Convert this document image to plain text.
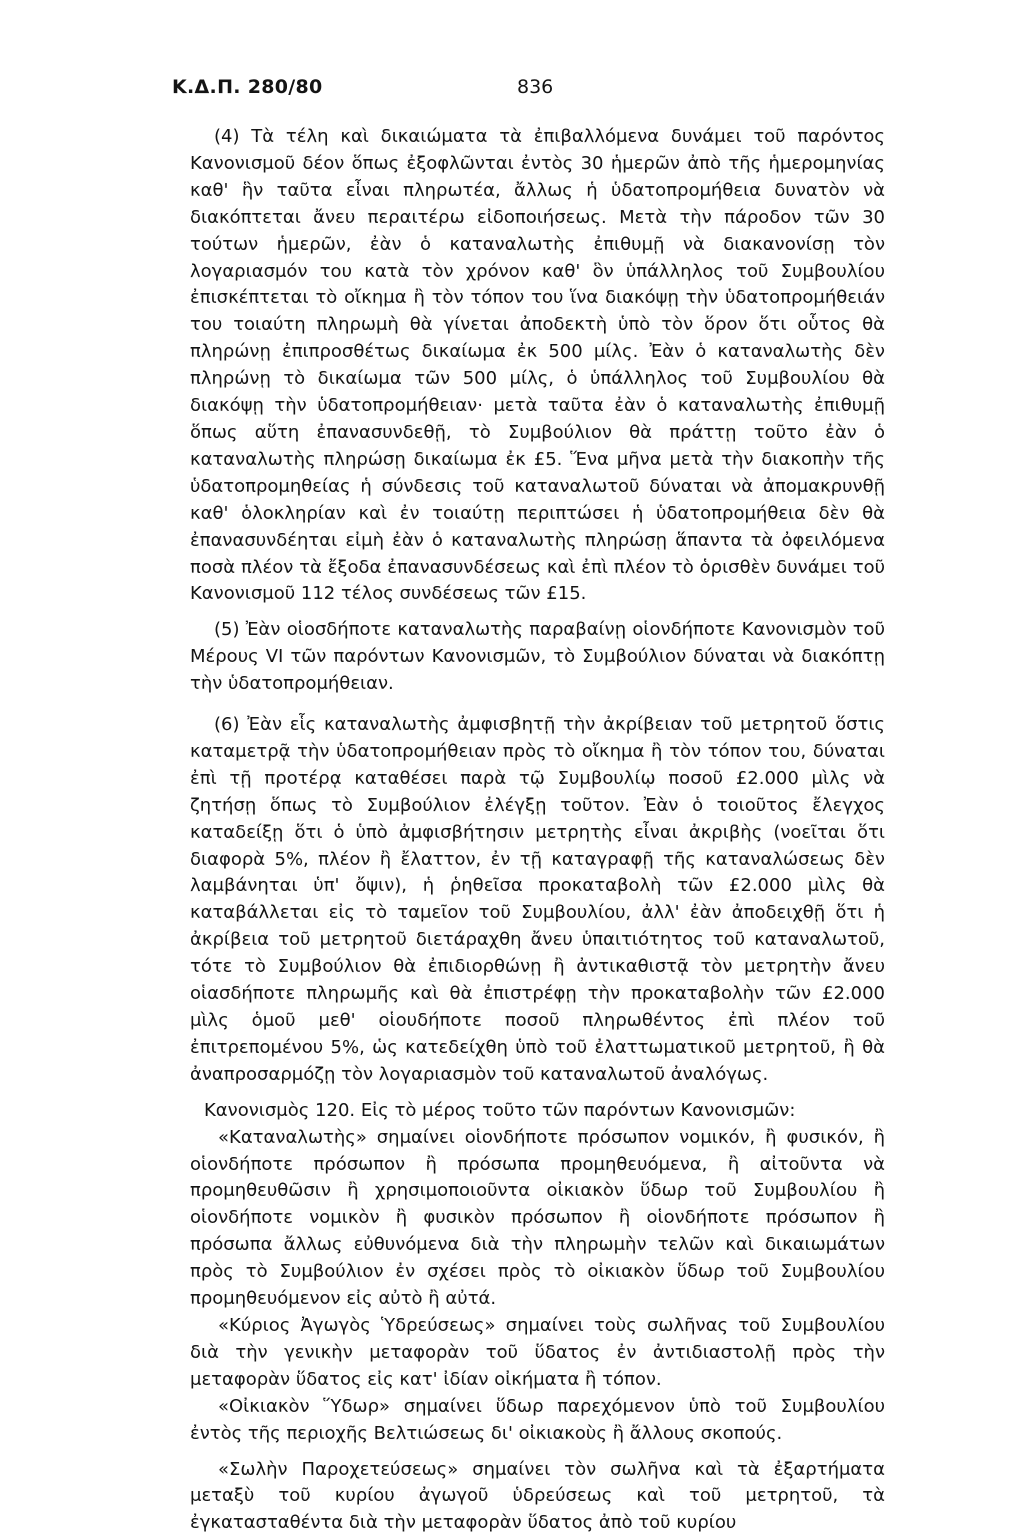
Κ.Δ.Π. 280/80	836

(4) Τὰ τέλη καὶ δικαιώματα τὰ ἐπιβαλλόμενα δυνάμει τοῦ παρόντος Κανονισμοῦ δέον ὅπως ἐξοφλῶνται ἐντὸς 30 ἡμερῶν ἀπὸ τῆς ἡμερομηνίας καθ' ἣν ταῦτα εἶναι πληρωτέα, ἄλλως ἡ ὑδατοπρομήθεια δυνατὸν νὰ διακόπτεται ἄνευ περαιτέρω εἰδοποιήσεως. Μετὰ τὴν πάροδον τῶν 30 τούτων ἡμερῶν, ἐὰν ὁ καταναλωτὴς ἐπιθυμῇ νὰ διακανονίσῃ τὸν λογαριασμόν του κατὰ τὸν χρόνον καθ' ὃν ὑπάλληλος τοῦ Συμβουλίου ἐπισκέπτεται τὸ οἴκημα ἢ τὸν τόπον του ἵνα διακόψῃ τὴν ὑδατοπρομήθειάν του τοιαύτη πληρωμὴ θὰ γίνεται ἀποδεκτὴ ὑπὸ τὸν ὅρον ὅτι οὗτος θὰ πληρώνῃ ἐπιπροσθέτως δικαίωμα ἐκ 500 μίλς. Ἐὰν ὁ καταναλωτὴς δὲν πληρώνῃ τὸ δικαίωμα τῶν 500 μίλς, ὁ ὑπάλληλος τοῦ Συμβουλίου θὰ διακόψῃ τὴν ὑδατοπρομήθειαν· μετὰ ταῦτα ἐὰν ὁ καταναλωτὴς ἐπιθυμῇ ὅπως αὕτη ἐπανασυνδεθῇ, τὸ Συμβούλιον θὰ πράττῃ τοῦτο ἐὰν ὁ καταναλωτὴς πληρώσῃ δικαίωμα ἐκ £5. Ἕνα μῆνα μετὰ τὴν διακοπὴν τῆς ὑδατοπρομηθείας ἡ σύνδεσις τοῦ καταναλωτοῦ δύναται νὰ ἀπομακρυνθῇ καθ' ὁλοκληρίαν καὶ ἐν τοιαύτῃ περιπτώσει ἡ ὑδατοπρομήθεια δὲν θὰ ἐπανασυνδέηται εἰμὴ ἐὰν ὁ καταναλωτὴς πληρώσῃ ἅπαντα τὰ ὀφειλόμενα ποσὰ πλέον τὰ ἔξοδα ἐπανασυνδέσεως καὶ ἐπὶ πλέον τὸ ὁρισθὲν δυνάμει τοῦ Κανονισμοῦ 112 τέλος συνδέσεως τῶν £15.

(5) Ἐὰν οἱοσδήποτε καταναλωτὴς παραβαίνῃ οἱονδήποτε Κανονισμὸν τοῦ Μέρους VI τῶν παρόντων Κανονισμῶν, τὸ Συμβούλιον δύναται νὰ διακόπτῃ τὴν ὑδατοπρομήθειαν.

(6) Ἐὰν εἷς καταναλωτὴς ἀμφισβητῇ τὴν ἀκρίβειαν τοῦ μετρητοῦ ὅστις καταμετρᾷ τὴν ὑδατοπρομήθειαν πρὸς τὸ οἴκημα ἢ τὸν τόπον του, δύναται ἐπὶ τῇ προτέρᾳ καταθέσει παρὰ τῷ Συμβουλίῳ ποσοῦ £2.000 μὶλς νὰ ζητήσῃ ὅπως τὸ Συμβούλιον ἐλέγξῃ τοῦτον. Ἐὰν ὁ τοιοῦτος ἔλεγχος καταδείξῃ ὅτι ὁ ὑπὸ ἀμφισβήτησιν μετρητὴς εἶναι ἀκριβὴς (νοεῖται ὅτι διαφορὰ 5%, πλέον ἢ ἔλαττον, ἐν τῇ καταγραφῇ τῆς καταναλώσεως δὲν λαμβάνηται ὑπ' ὄψιν), ἡ ῥηθεῖσα προκαταβολὴ τῶν £2.000 μὶλς θὰ καταβάλλεται εἰς τὸ ταμεῖον τοῦ Συμβουλίου, ἀλλ' ἐὰν ἀποδειχθῇ ὅτι ἡ ἀκρίβεια τοῦ μετρητοῦ διετάραχθη ἄνευ ὑπαιτιότητος τοῦ καταναλωτοῦ, τότε τὸ Συμβούλιον θὰ ἐπιδιορθώνῃ ἢ ἀντικαθιστᾷ τὸν μετρητὴν ἄνευ οἱασδήποτε πληρωμῆς καὶ θὰ ἐπιστρέφῃ τὴν προκαταβολὴν τῶν £2.000 μὶλς ὁμοῦ μεθ' οἱουδήποτε ποσοῦ πληρωθέντος ἐπὶ πλέον τοῦ ἐπιτρεπομένου 5%, ὡς κατεδείχθη ὑπὸ τοῦ ἐλαττωματικοῦ μετρητοῦ, ἢ θὰ ἀναπροσαρμόζῃ τὸν λογαριασμὸν τοῦ καταναλωτοῦ ἀναλόγως.

Κανονισμὸς 120. Εἰς τὸ μέρος τοῦτο τῶν παρόντων Κανονισμῶν:

«Καταναλωτὴς» σημαίνει οἱονδήποτε πρόσωπον νομικόν, ἢ φυσικόν, ἢ οἱονδήποτε πρόσωπον ἢ πρόσωπα προμηθευόμενα, ἢ αἰτοῦντα νὰ προμηθευθῶσιν ἢ χρησιμοποιοῦντα οἰκιακὸν ὕδωρ τοῦ Συμβουλίου ἢ οἱονδήποτε νομικὸν ἢ φυσικὸν πρόσωπον ἢ οἱονδήποτε πρόσωπον ἢ πρόσωπα ἄλλως εὐθυνόμενα διὰ τὴν πληρωμὴν τελῶν καὶ δικαιωμάτων πρὸς τὸ Συμβούλιον ἐν σχέσει πρὸς τὸ οἰκιακὸν ὕδωρ τοῦ Συμβουλίου προμηθευόμενον εἰς αὐτὸ ἢ αὐτά.

«Κύριος Ἀγωγὸς Ὑδρεύσεως» σημαίνει τοὺς σωλῆνας τοῦ Συμβουλίου διὰ τὴν γενικὴν μεταφορὰν τοῦ ὕδατος ἐν ἀντιδιαστολῇ πρὸς τὴν μεταφορὰν ὕδατος εἰς κατ' ἰδίαν οἰκήματα ἢ τόπον.

«Οἰκιακὸν Ὕδωρ» σημαίνει ὕδωρ παρεχόμενον ὑπὸ τοῦ Συμβουλίου ἐντὸς τῆς περιοχῆς Βελτιώσεως δι' οἰκιακοὺς ἢ ἄλλους σκοπούς.

«Σωλὴν Παροχετεύσεως» σημαίνει τὸν σωλῆνα καὶ τὰ ἐξαρτήματα μεταξὺ τοῦ κυρίου ἀγωγοῦ ὑδρεύσεως καὶ τοῦ μετρητοῦ, τὰ ἐγκατασταθέντα διὰ τὴν μεταφορὰν ὕδατος ἀπὸ τοῦ κυρίου
